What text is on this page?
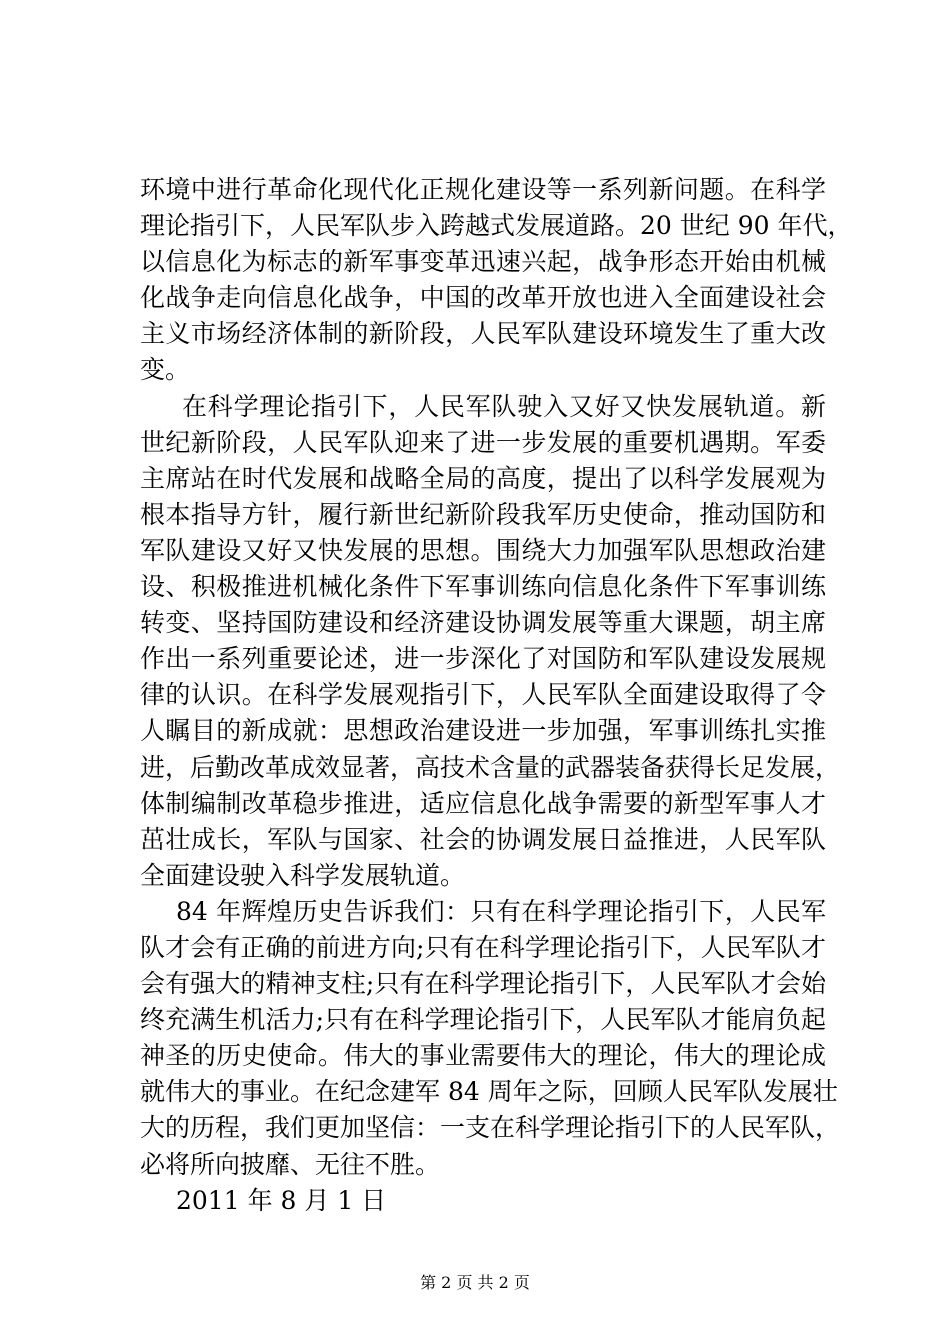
环境中进行革命化现代化正规化建设等一系列新问题。在科学
理论指引下，人民军队步入跨越式发展道路。20 世纪 90 年代，
以信息化为标志的新军事变革迅速兴起，战争形态开始由机械
化战争走向信息化战争，中国的改革开放也进入全面建设社会
主义市场经济体制的新阶段，人民军队建设环境发生了重大改
变。
在科学理论指引下，人民军队驶入又好又快发展轨道。新
世纪新阶段，人民军队迎来了进一步发展的重要机遇期。军委
主席站在时代发展和战略全局的高度，提出了以科学发展观为
根本指导方针，履行新世纪新阶段我军历史使命，推动国防和
军队建设又好又快发展的思想。围绕大力加强军队思想政治建
设、积极推进机械化条件下军事训练向信息化条件下军事训练
转变、坚持国防建设和经济建设协调发展等重大课题，胡主席
作出一系列重要论述，进一步深化了对国防和军队建设发展规
律的认识。在科学发展观指引下，人民军队全面建设取得了令
人瞩目的新成就：思想政治建设进一步加强，军事训练扎实推
进，后勤改革成效显著，高技术含量的武器装备获得长足发展，
体制编制改革稳步推进，适应信息化战争需要的新型军事人才
茁壮成长，军队与国家、社会的协调发展日益推进，人民军队
全面建设驶入科学发展轨道。
84 年辉煌历史告诉我们：只有在科学理论指引下，人民军
队才会有正确的前进方向;只有在科学理论指引下，人民军队才
会有强大的精神支柱;只有在科学理论指引下，人民军队才会始
终充满生机活力;只有在科学理论指引下，人民军队才能肩负起
神圣的历史使命。伟大的事业需要伟大的理论，伟大的理论成
就伟大的事业。在纪念建军 84 周年之际，回顾人民军队发展壮
大的历程，我们更加坚信：一支在科学理论指引下的人民军队，
必将所向披靡、无往不胜。
2011 年 8 月 1 日
第 2 页 共 2 页
